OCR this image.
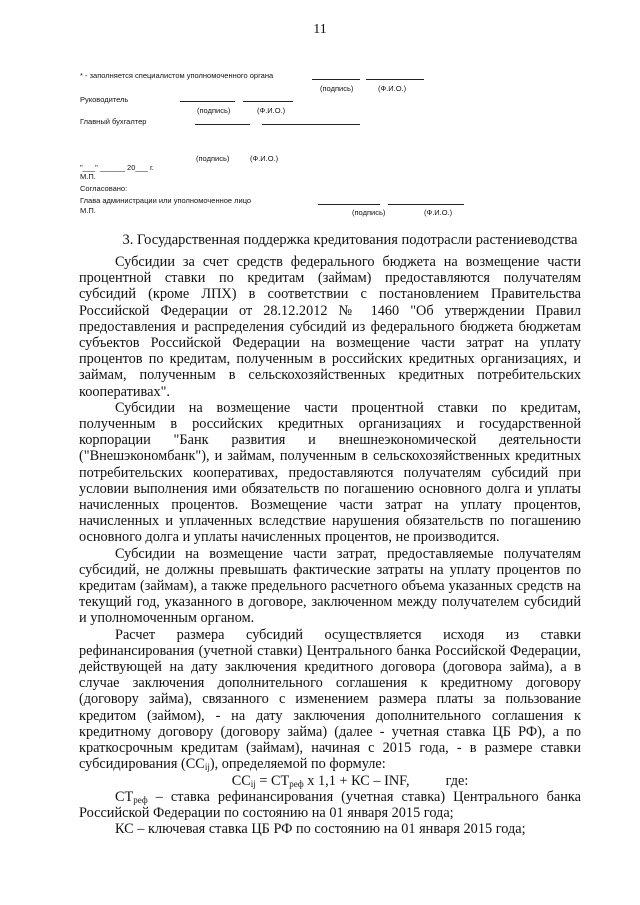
11
* - заполняется специалистом уполномоченного органа
(подпись)	(Ф.И.О.)
Руководитель
(подпись)	(Ф.И.О.)
Главный бухгалтер
(подпись)	(Ф.И.О.)
"___" ______ 20___ г.
М.П.
Согласовано:
Глава администрации или уполномоченное лицо
М.П.	(подпись)	(Ф.И.О.)
3. Государственная поддержка кредитования подотрасли растениеводства

Субсидии за счет средств федерального бюджета на возмещение части процентной ставки по кредитам (займам) предоставляются получателям субсидий (кроме ЛПХ) в соответствии с постановлением Правительства Российской Федерации от 28.12.2012 № 1460 "Об утверждении Правил предоставления и распределения субсидий из федерального бюджета бюджетам субъектов Российской Федерации на возмещение части затрат на уплату процентов по кредитам, полученным в российских кредитных организациях, и займам, полученным в сельскохозяйственных кредитных потребительских кооперативах".

Субсидии на возмещение части процентной ставки по кредитам, полученным в российских кредитных организациях и государственной корпорации "Банк развития и внешнеэкономической деятельности ("Внешэкономбанк"), и займам, полученным в сельскохозяйственных кредитных потребительских кооперативах, предоставляются получателям субсидий при условии выполнения ими обязательств по погашению основного долга и уплаты начисленных процентов. Возмещение части затрат на уплату процентов, начисленных и уплаченных вследствие нарушения обязательств по погашению основного долга и уплаты начисленных процентов, не производится.

Субсидии на возмещение части затрат, предоставляемые получателям субсидий, не должны превышать фактические затраты на уплату процентов по кредитам (займам), а также предельного расчетного объема указанных средств на текущий год, указанного в договоре, заключенном между получателем субсидий и уполномоченным органом.

Расчет размера субсидий осуществляется исходя из ставки рефинансирования (учетной ставки) Центрального банка Российской Федерации, действующей на дату заключения кредитного договора (договора займа), а в случае заключения дополнительного соглашения к кредитному договору (договору займа), связанного с изменением размера платы за пользование кредитом (займом), - на дату заключения дополнительного соглашения к кредитному договору (договору займа) (далее - учетная ставка ЦБ РФ), а по краткосрочным кредитам (займам), начиная с 2015 года, - в размере ставки субсидирования $(СС_{ij})$, определяемой по формуле:

$СС_{ij} = СТ_{реф}$ х 1,1 + КС – INF,	где:

$СТ_{реф}$ – ставка рефинансирования (учетная ставка) Центрального банка Российской Федерации по состоянию на 01 января 2015 года;

КС – ключевая ставка ЦБ РФ по состоянию на 01 января 2015 года;
